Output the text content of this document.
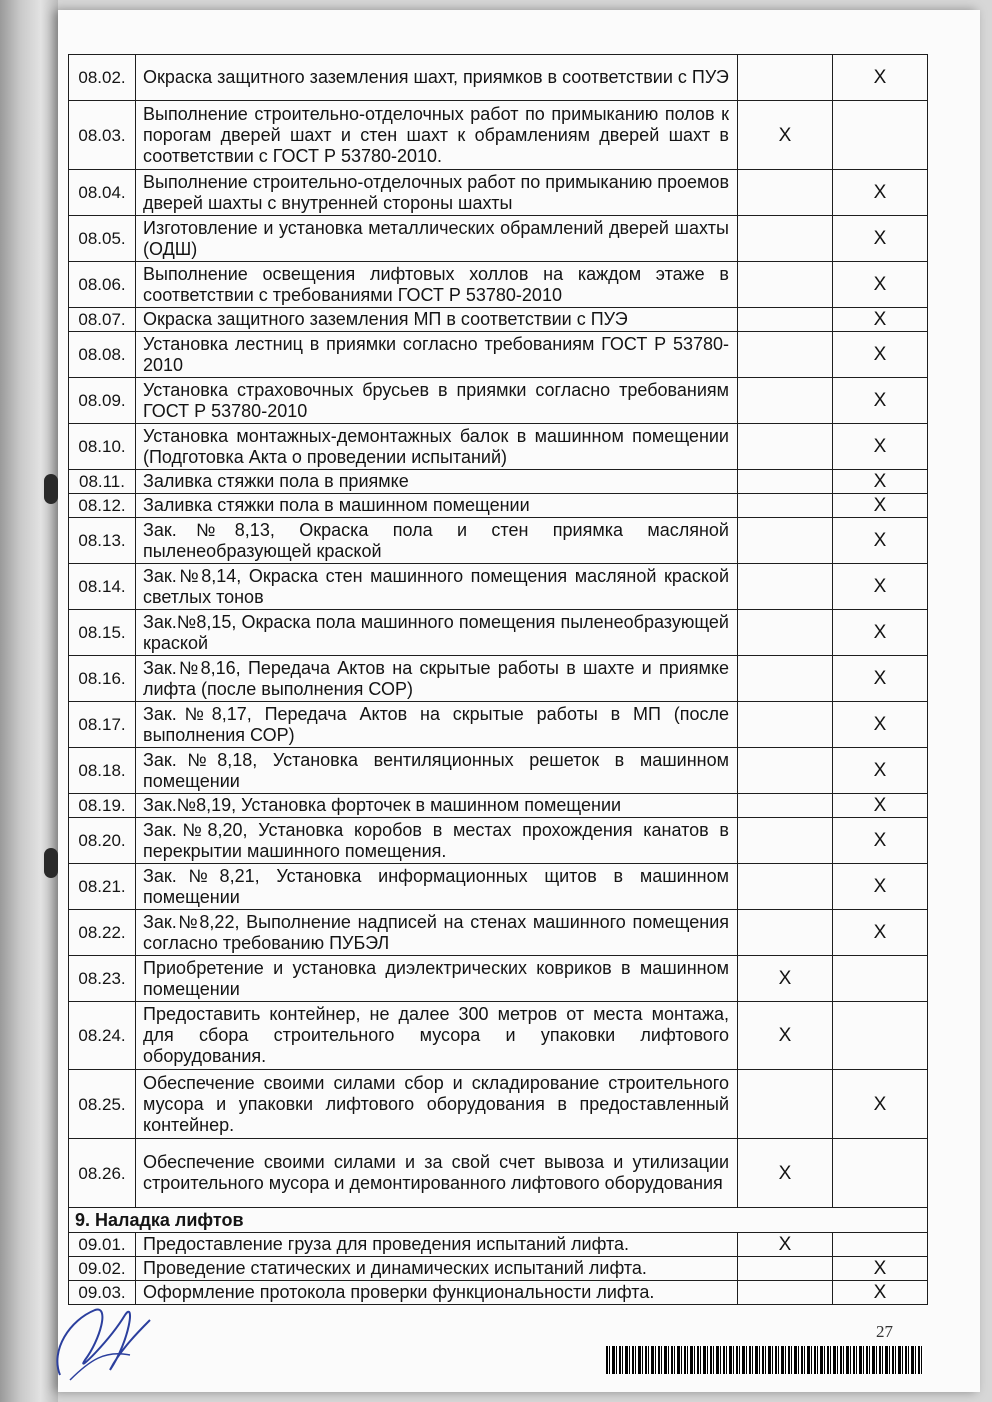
08.02.	Окраска защитного заземления шахт, приямков в соответствии с ПУЭ		X
08.03.	Выполнение строительно-отделочных работ по примыканию полов к порогам дверей шахт и стен шахт к обрамлениям дверей шахт в соответствии с ГОСТ Р 53780-2010.	X	
08.04.	Выполнение строительно-отделочных работ по примыканию проемов дверей шахты с внутренней стороны шахты		X
08.05.	Изготовление и установка металлических обрамлений дверей шахты (ОДШ)		X
08.06.	Выполнение освещения лифтовых холлов на каждом этаже в соответствии с требованиями ГОСТ Р 53780-2010		X
08.07.	Окраска защитного заземления МП в соответствии с ПУЭ		X
08.08.	Установка лестниц в приямки согласно требованиям ГОСТ Р 53780-2010		X
08.09.	Установка страховочных брусьев в приямки согласно требованиям ГОСТ Р 53780-2010		X
08.10.	Установка монтажных-демонтажных балок в машинном помещении (Подготовка Акта о проведении испытаний)		X
08.11.	Заливка стяжки пола в приямке		X
08.12.	Заливка стяжки пола в машинном помещении		X
08.13.	Зак.№8,13, Окраска пола и стен приямка масляной пыленеобразующей краской		X
08.14.	Зак.№8,14, Окраска стен машинного помещения масляной краской светлых тонов		X
08.15.	Зак.№8,15, Окраска пола машинного помещения пыленеобразующей краской		X
08.16.	Зак.№8,16, Передача Актов на скрытые работы в шахте и приямке лифта (после выполнения СОР)		X
08.17.	Зак.№8,17, Передача Актов на скрытые работы в МП (после выполнения СОР)		X
08.18.	Зак.№8,18, Установка вентиляционных решеток в машинном помещении		X
08.19.	Зак.№8,19, Установка форточек в машинном помещении		X
08.20.	Зак.№8,20, Установка коробов в местах прохождения канатов в перекрытии машинного помещения.		X
08.21.	Зак.№8,21, Установка информационных щитов в машинном помещении		X
08.22.	Зак.№8,22, Выполнение надписей на стенах машинного помещения согласно требованию ПУБЭЛ		X
08.23.	Приобретение и установка диэлектрических ковриков в машинном помещении	X	
08.24.	Предоставить контейнер, не далее 300 метров от места монтажа, для сбора строительного мусора и упаковки лифтового оборудования.	X	
08.25.	Обеспечение своими силами сбор и складирование строительного мусора и упаковки лифтового оборудования в предоставленный контейнер.		X
08.26.	Обеспечение своими силами и за свой счет вывоза и утилизации строительного мусора и демонтированного лифтового оборудования	X	
9. Наладка лифтов			
09.01.	Предоставление груза для проведения испытаний лифта.	X	
09.02.	Проведение статических и динамических испытаний лифта.		X
09.03.	Оформление протокола проверки функциональности лифта.		X
27
